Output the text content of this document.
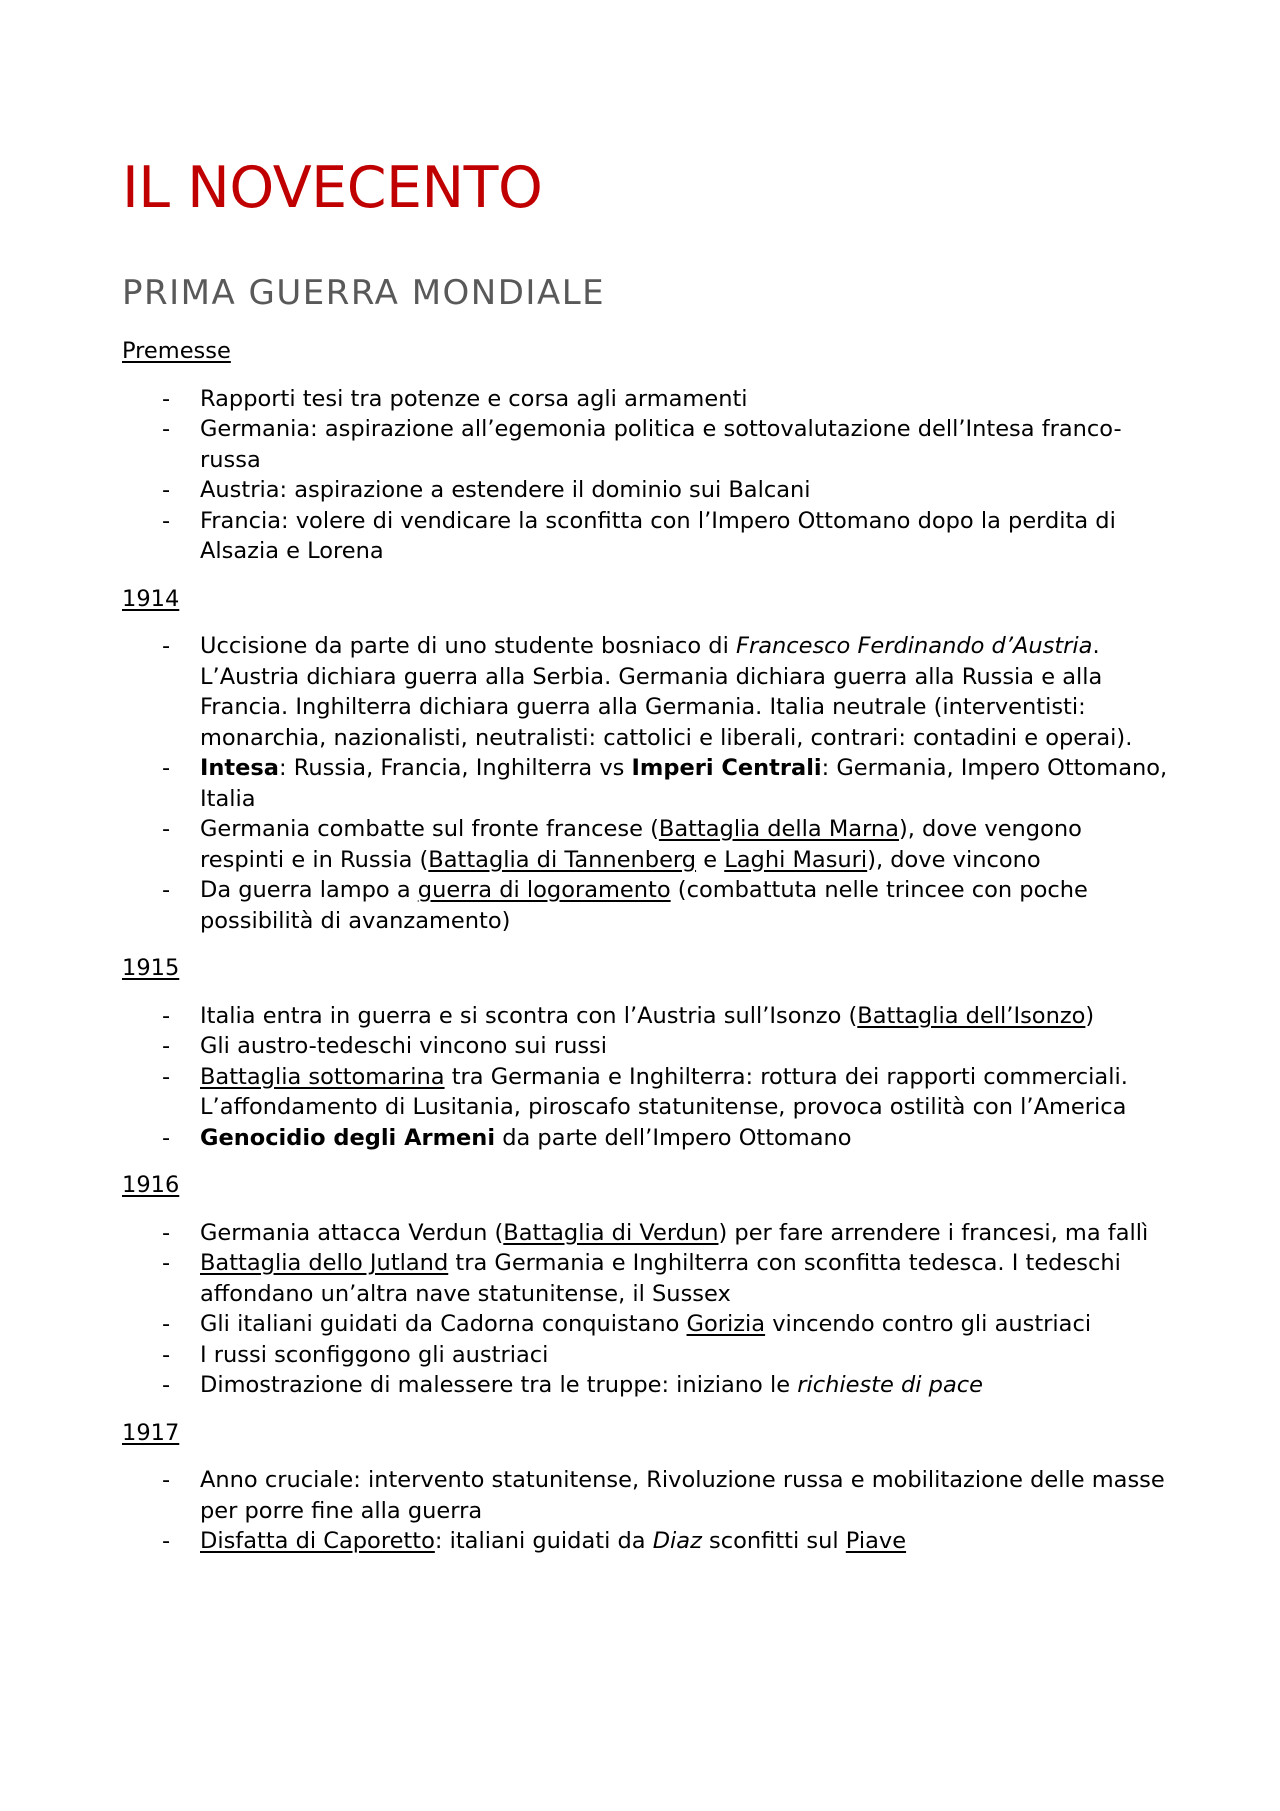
IL NOVECENTO
PRIMA GUERRA MONDIALE
Premesse
- Rapporti tesi tra potenze e corsa agli armamenti
- Germania: aspirazione all’egemonia politica e sottovalutazione dell’Intesa franco-russa
- Austria: aspirazione a estendere il dominio sui Balcani
- Francia: volere di vendicare la sconfitta con l’Impero Ottomano dopo la perdita di Alsazia e Lorena
1914
- Uccisione da parte di uno studente bosniaco di Francesco Ferdinando d’Austria. L’Austria dichiara guerra alla Serbia. Germania dichiara guerra alla Russia e alla Francia. Inghilterra dichiara guerra alla Germania. Italia neutrale (interventisti: monarchia, nazionalisti, neutralisti: cattolici e liberali, contrari: contadini e operai).
- Intesa: Russia, Francia, Inghilterra vs Imperi Centrali: Germania, Impero Ottomano, Italia
- Germania combatte sul fronte francese (Battaglia della Marna), dove vengono respinti e in Russia (Battaglia di Tannenberg e Laghi Masuri), dove vincono
- Da guerra lampo a guerra di logoramento (combattuta nelle trincee con poche possibilità di avanzamento)
1915
- Italia entra in guerra e si scontra con l’Austria sull’Isonzo (Battaglia dell’Isonzo)
- Gli austro-tedeschi vincono sui russi
- Battaglia sottomarina tra Germania e Inghilterra: rottura dei rapporti commerciali. L’affondamento di Lusitania, piroscafo statunitense, provoca ostilità con l’America
- Genocidio degli Armeni da parte dell’Impero Ottomano
1916
- Germania attacca Verdun (Battaglia di Verdun) per fare arrendere i francesi, ma fallì
- Battaglia dello Jutland tra Germania e Inghilterra con sconfitta tedesca. I tedeschi affondano un’altra nave statunitense, il Sussex
- Gli italiani guidati da Cadorna conquistano Gorizia vincendo contro gli austriaci
- I russi sconfiggono gli austriaci
- Dimostrazione di malessere tra le truppe: iniziano le richieste di pace
1917
- Anno cruciale: intervento statunitense, Rivoluzione russa e mobilitazione delle masse per porre fine alla guerra
- Disfatta di Caporetto: italiani guidati da Diaz sconfitti sul Piave
